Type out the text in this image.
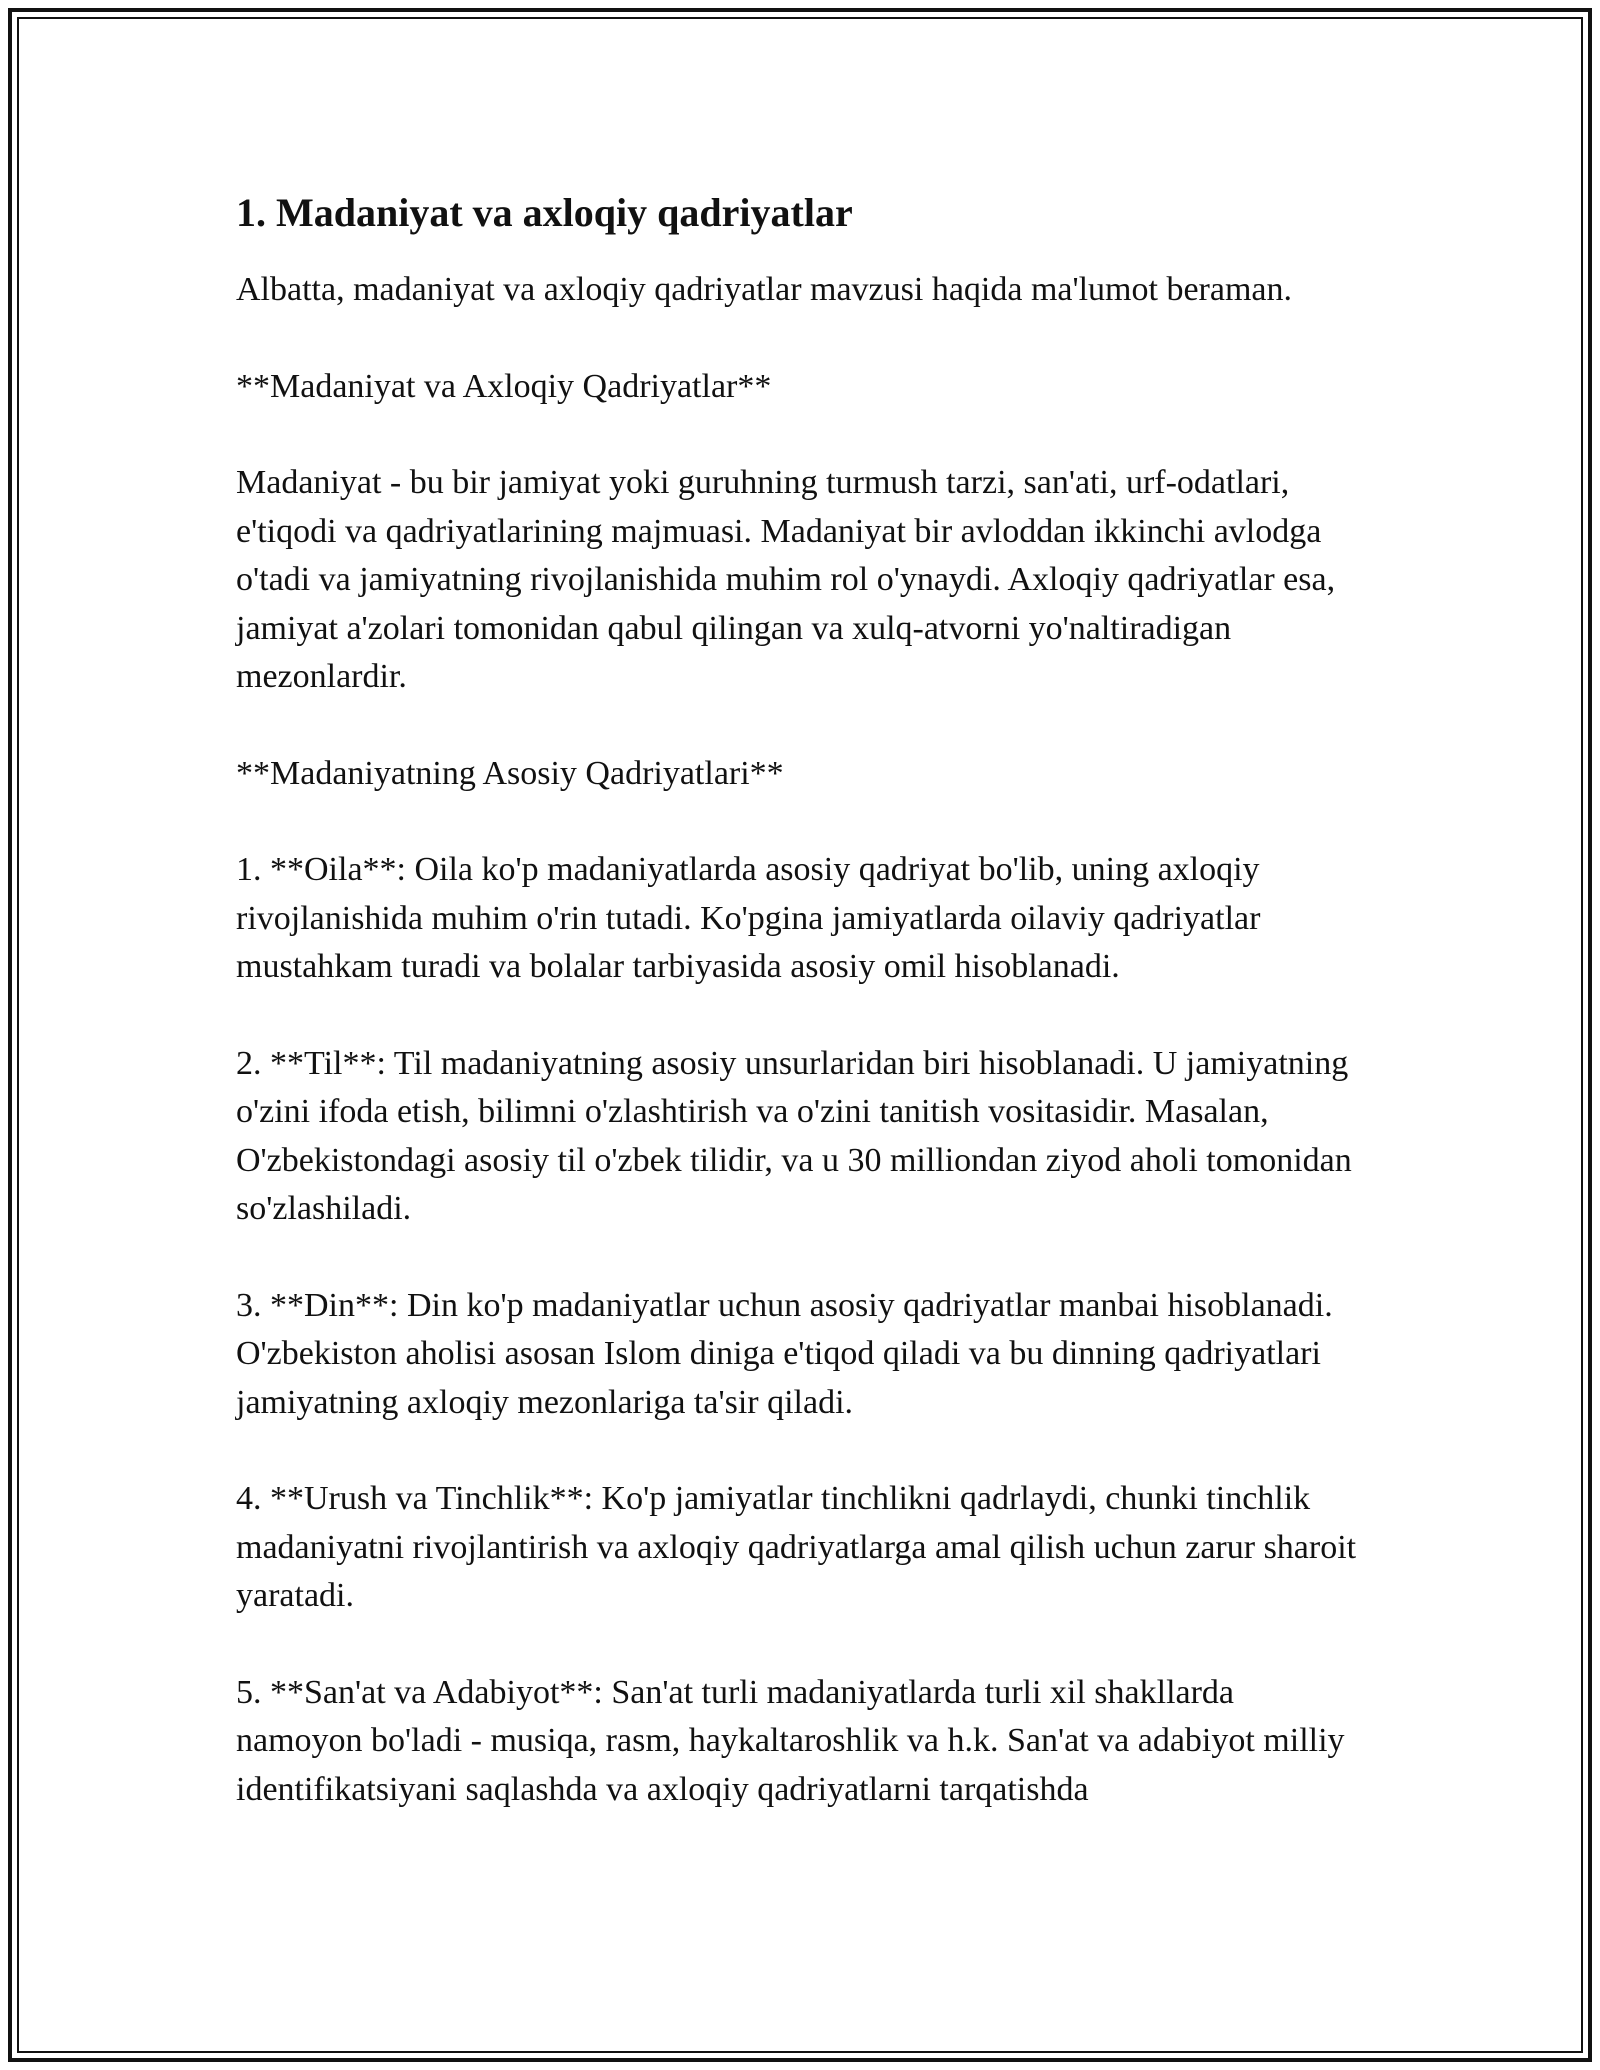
1. Madaniyat va axloqiy qadriyatlar

Albatta, madaniyat va axloqiy qadriyatlar mavzusi haqida ma'lumot beraman.

**Madaniyat va Axloqiy Qadriyatlar**

Madaniyat - bu bir jamiyat yoki guruhning turmush tarzi, san'ati, urf-odatlari, e'tiqodi va qadriyatlarining majmuasi. Madaniyat bir avloddan ikkinchi avlodga o'tadi va jamiyatning rivojlanishida muhim rol o'ynaydi. Axloqiy qadriyatlar esa, jamiyat a'zolari tomonidan qabul qilingan va xulq-atvorni yo'naltiradigan mezonlardir.

**Madaniyatning Asosiy Qadriyatlari**

1. **Oila**: Oila ko'p madaniyatlarda asosiy qadriyat bo'lib, uning axloqiy rivojlanishida muhim o'rin tutadi. Ko'pgina jamiyatlarda oilaviy qadriyatlar mustahkam turadi va bolalar tarbiyasida asosiy omil hisoblanadi.

2. **Til**: Til madaniyatning asosiy unsurlaridan biri hisoblanadi. U jamiyatning o'zini ifoda etish, bilimni o'zlashtirish va o'zini tanitish vositasidir. Masalan, O'zbekistondagi asosiy til o'zbek tilidir, va u 30 milliondan ziyod aholi tomonidan so'zlashiladi.

3. **Din**: Din ko'p madaniyatlar uchun asosiy qadriyatlar manbai hisoblanadi. O'zbekiston aholisi asosan Islom diniga e'tiqod qiladi va bu dinning qadriyatlari jamiyatning axloqiy mezonlariga ta'sir qiladi.

4. **Urush va Tinchlik**: Ko'p jamiyatlar tinchlikni qadrlaydi, chunki tinchlik madaniyatni rivojlantirish va axloqiy qadriyatlarga amal qilish uchun zarur sharoit yaratadi.

5. **San'at va Adabiyot**: San'at turli madaniyatlarda turli xil shakllarda namoyon bo'ladi - musiqa, rasm, haykaltaroshlik va h.k. San'at va adabiyot milliy identifikatsiyani saqlashda va axloqiy qadriyatlarni tarqatishda
